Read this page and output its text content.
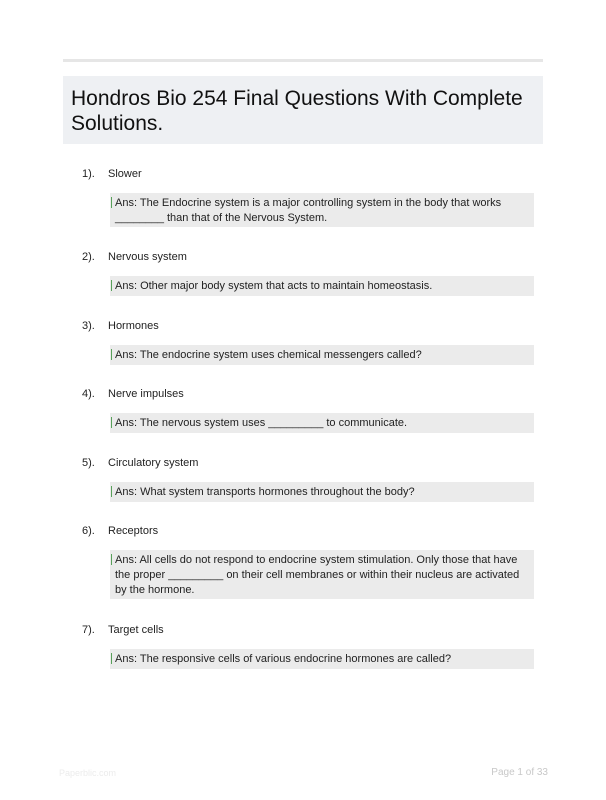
Hondros Bio 254 Final Questions With Complete Solutions.
1). Slower
Ans: The Endocrine system is a major controlling system in the body that works ________ than that of the Nervous System.
2). Nervous system
Ans: Other major body system that acts to maintain homeostasis.
3). Hormones
Ans: The endocrine system uses chemical messengers called?
4). Nerve impulses
Ans: The nervous system uses _________ to communicate.
5). Circulatory system
Ans: What system transports hormones throughout the body?
6). Receptors
Ans: All cells do not respond to endocrine system stimulation. Only those that have the proper _________ on their cell membranes or within their nucleus are activated by the hormone.
7). Target cells
Ans: The responsive cells of various endocrine hormones are called?
Paperblic.com	Page 1 of 33
